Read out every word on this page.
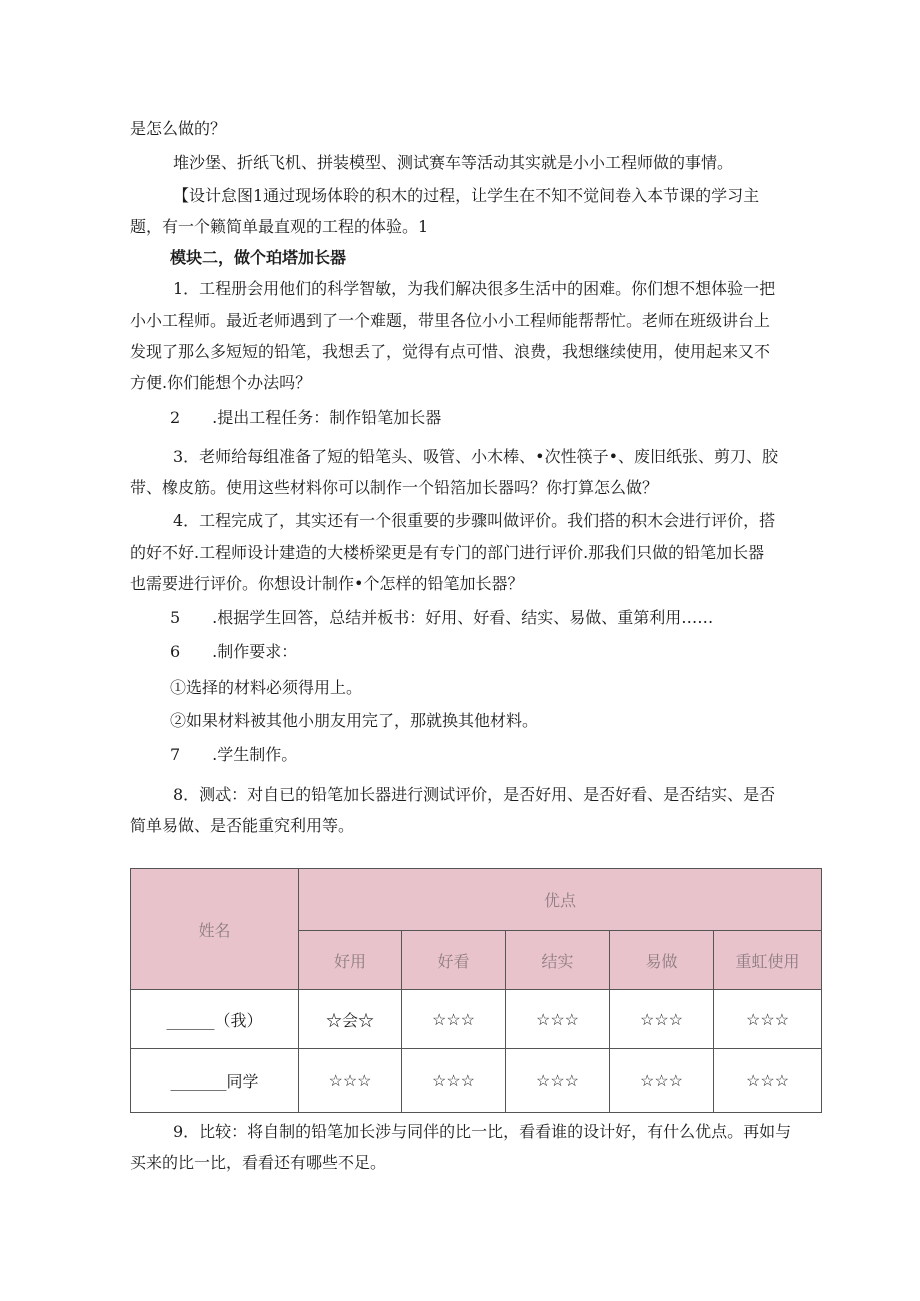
是怎么做的？
堆沙堡、折纸飞机、拼装模型、测试赛车等活动其实就是小小工程师做的事情。
【设计怠图1通过现场体聆的积木的过程，让学生在不知不觉间卷入本节课的学习主
题，有一个籁简单最直观的工程的体验。1
模块二，做个珀塔加长器
1．工程册会用他们的科学智敏，为我们解决很多生活中的困难。你们想不想体验一把
小小工程师。最近老师遇到了一个难题，带里各位小小工程师能帮帮忙。老师在班级讲台上
发现了那么多短短的铅笔，我想丢了，觉得有点可惜、浪费，我想继续使用，使用起来又不
方便.你们能想个办法吗？
2　　.提出工程任务：制作铅笔加长器
3．老师给每组准备了短的铅笔头、吸管、小木棒、•次性筷子•、废旧纸张、剪刀、胶
带、橡皮筋。使用这些材料你可以制作一个铅箔加长器吗？你打算怎么做？
4．工程完成了，其实还有一个很重要的步骤叫做评价。我们搭的积木会进行评价，搭
的好不好.工程师设计建造的大楼桥梁更是有专门的部门进行评价.那我们只做的铅笔加长器
也需要进行评价。你想设计制作•个怎样的铅笔加长器？
5　　.根据学生回答，总结并板书：好用、好看、结实、易做、重第利用……
6　　.制作要求：
①选择的材料必须得用上。
②如果材料被其他小朋友用完了，那就换其他材料。
7　　.学生制作。
8．测忒：对自已的铅笔加长器进行测试评价，是否好用、是否好看、是否结实、是否
简单易做、是否能重究利用等。
姓名	优点				
	好用	好看	结实	易做	重虹使用
______（我）	☆会☆	☆☆☆	☆☆☆	☆☆☆	☆☆☆
_______同学	☆☆☆	☆☆☆	☆☆☆	☆☆☆	☆☆☆
9．比较：将自制的铅笔加长涉与同伴的比一比，看看谁的设计好，有什么优点。再如与
买来的比一比，看看还有哪些不足。
